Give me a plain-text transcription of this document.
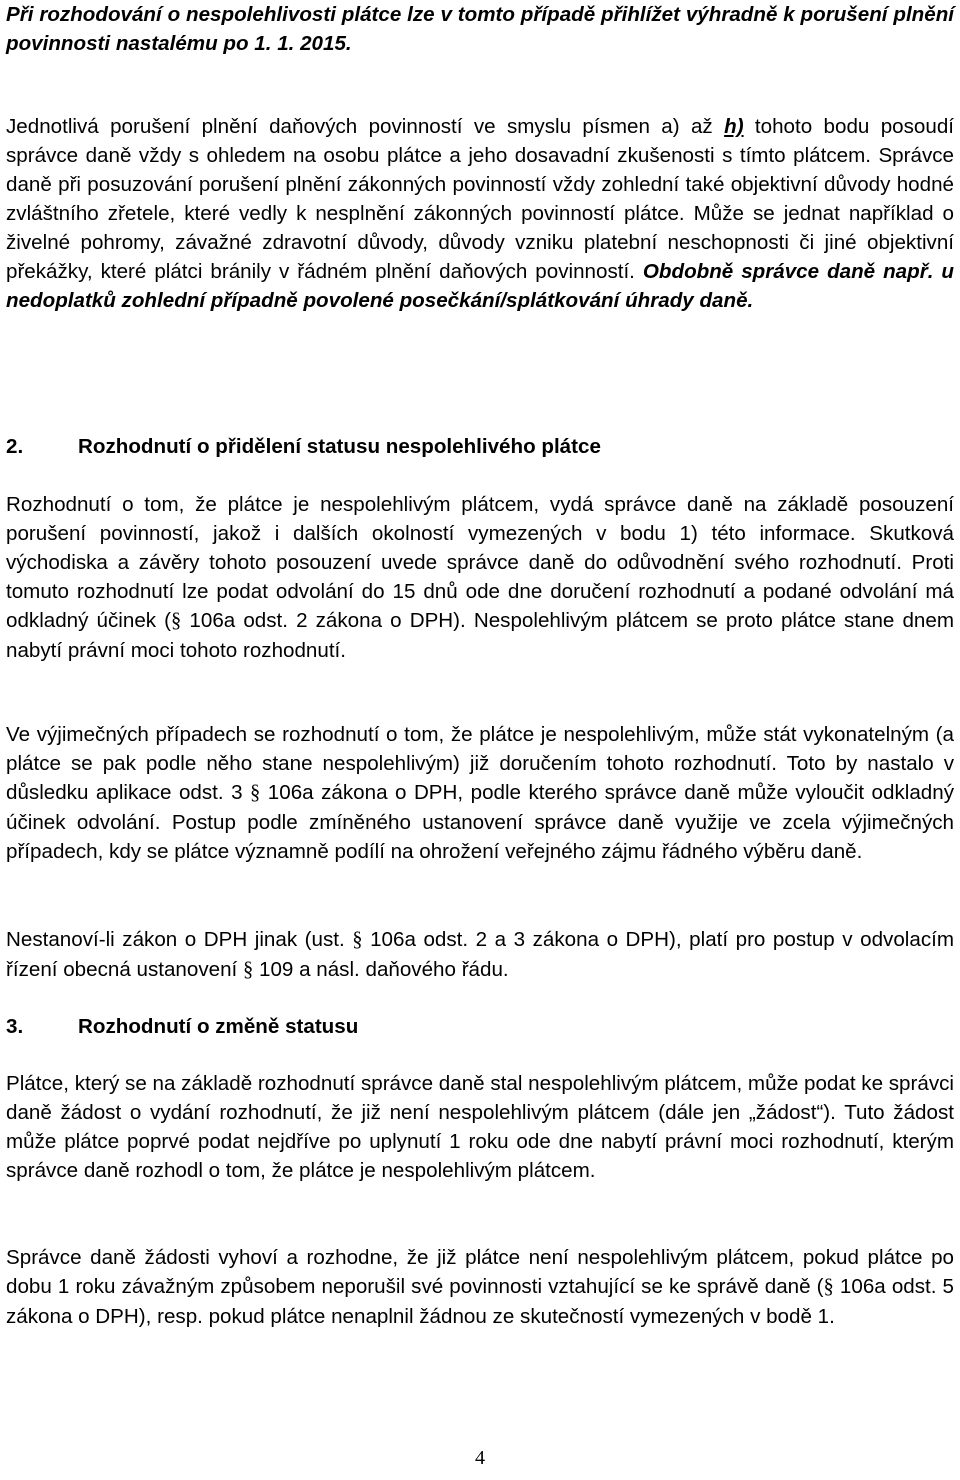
Při rozhodování o nespolehlivosti plátce lze v tomto případě přihlížet výhradně k porušení plnění povinnosti nastalému po 1. 1. 2015.

Jednotlivá porušení plnění daňových povinností ve smyslu písmen a) až h) tohoto bodu posoudí správce daně vždy s ohledem na osobu plátce a jeho dosavadní zkušenosti s tímto plátcem. Správce daně při posuzování porušení plnění zákonných povinností vždy zohlední také objektivní důvody hodné zvláštního zřetele, které vedly k nesplnění zákonných povinností plátce. Může se jednat například o živelné pohromy, závažné zdravotní důvody, důvody vzniku platební neschopnosti či jiné objektivní překážky, které plátci bránily v řádném plnění daňových povinností. Obdobně správce daně např. u nedoplatků zohlední případně povolené posečkání/splátkování úhrady daně.

2.	Rozhodnutí o přidělení statusu nespolehlivého plátce

Rozhodnutí o tom, že plátce je nespolehlivým plátcem, vydá správce daně na základě posouzení porušení povinností, jakož i dalších okolností vymezených v bodu 1) této informace. Skutková východiska a závěry tohoto posouzení uvede správce daně do odůvodnění svého rozhodnutí. Proti tomuto rozhodnutí lze podat odvolání do 15 dnů ode dne doručení rozhodnutí a podané odvolání má odkladný účinek (§ 106a odst. 2 zákona o DPH). Nespolehlivým plátcem se proto plátce stane dnem nabytí právní moci tohoto rozhodnutí.

Ve výjimečných případech se rozhodnutí o tom, že plátce je nespolehlivým, může stát vykonatelným (a plátce se pak podle něho stane nespolehlivým) již doručením tohoto rozhodnutí. Toto by nastalo v důsledku aplikace odst. 3 § 106a zákona o DPH, podle kterého správce daně může vyloučit odkladný účinek odvolání. Postup podle zmíněného ustanovení správce daně využije ve zcela výjimečných případech, kdy se plátce významně podílí na ohrožení veřejného zájmu řádného výběru daně.

Nestanoví-li zákon o DPH jinak (ust. § 106a odst. 2 a 3 zákona o DPH), platí pro postup v odvolacím řízení obecná ustanovení § 109 a násl. daňového řádu.

3.	Rozhodnutí o změně statusu

Plátce, který se na základě rozhodnutí správce daně stal nespolehlivým plátcem, může podat ke správci daně žádost o vydání rozhodnutí, že již není nespolehlivým plátcem (dále jen „žádost“). Tuto žádost může plátce poprvé podat nejdříve po uplynutí 1 roku ode dne nabytí právní moci rozhodnutí, kterým správce daně rozhodl o tom, že plátce je nespolehlivým plátcem.

Správce daně žádosti vyhoví a rozhodne, že již plátce není nespolehlivým plátcem, pokud plátce po dobu 1 roku závažným způsobem neporušil své povinnosti vztahující se ke správě daně (§ 106a odst. 5 zákona o DPH), resp. pokud plátce nenaplnil žádnou ze skutečností vymezených v bodě 1.

4
